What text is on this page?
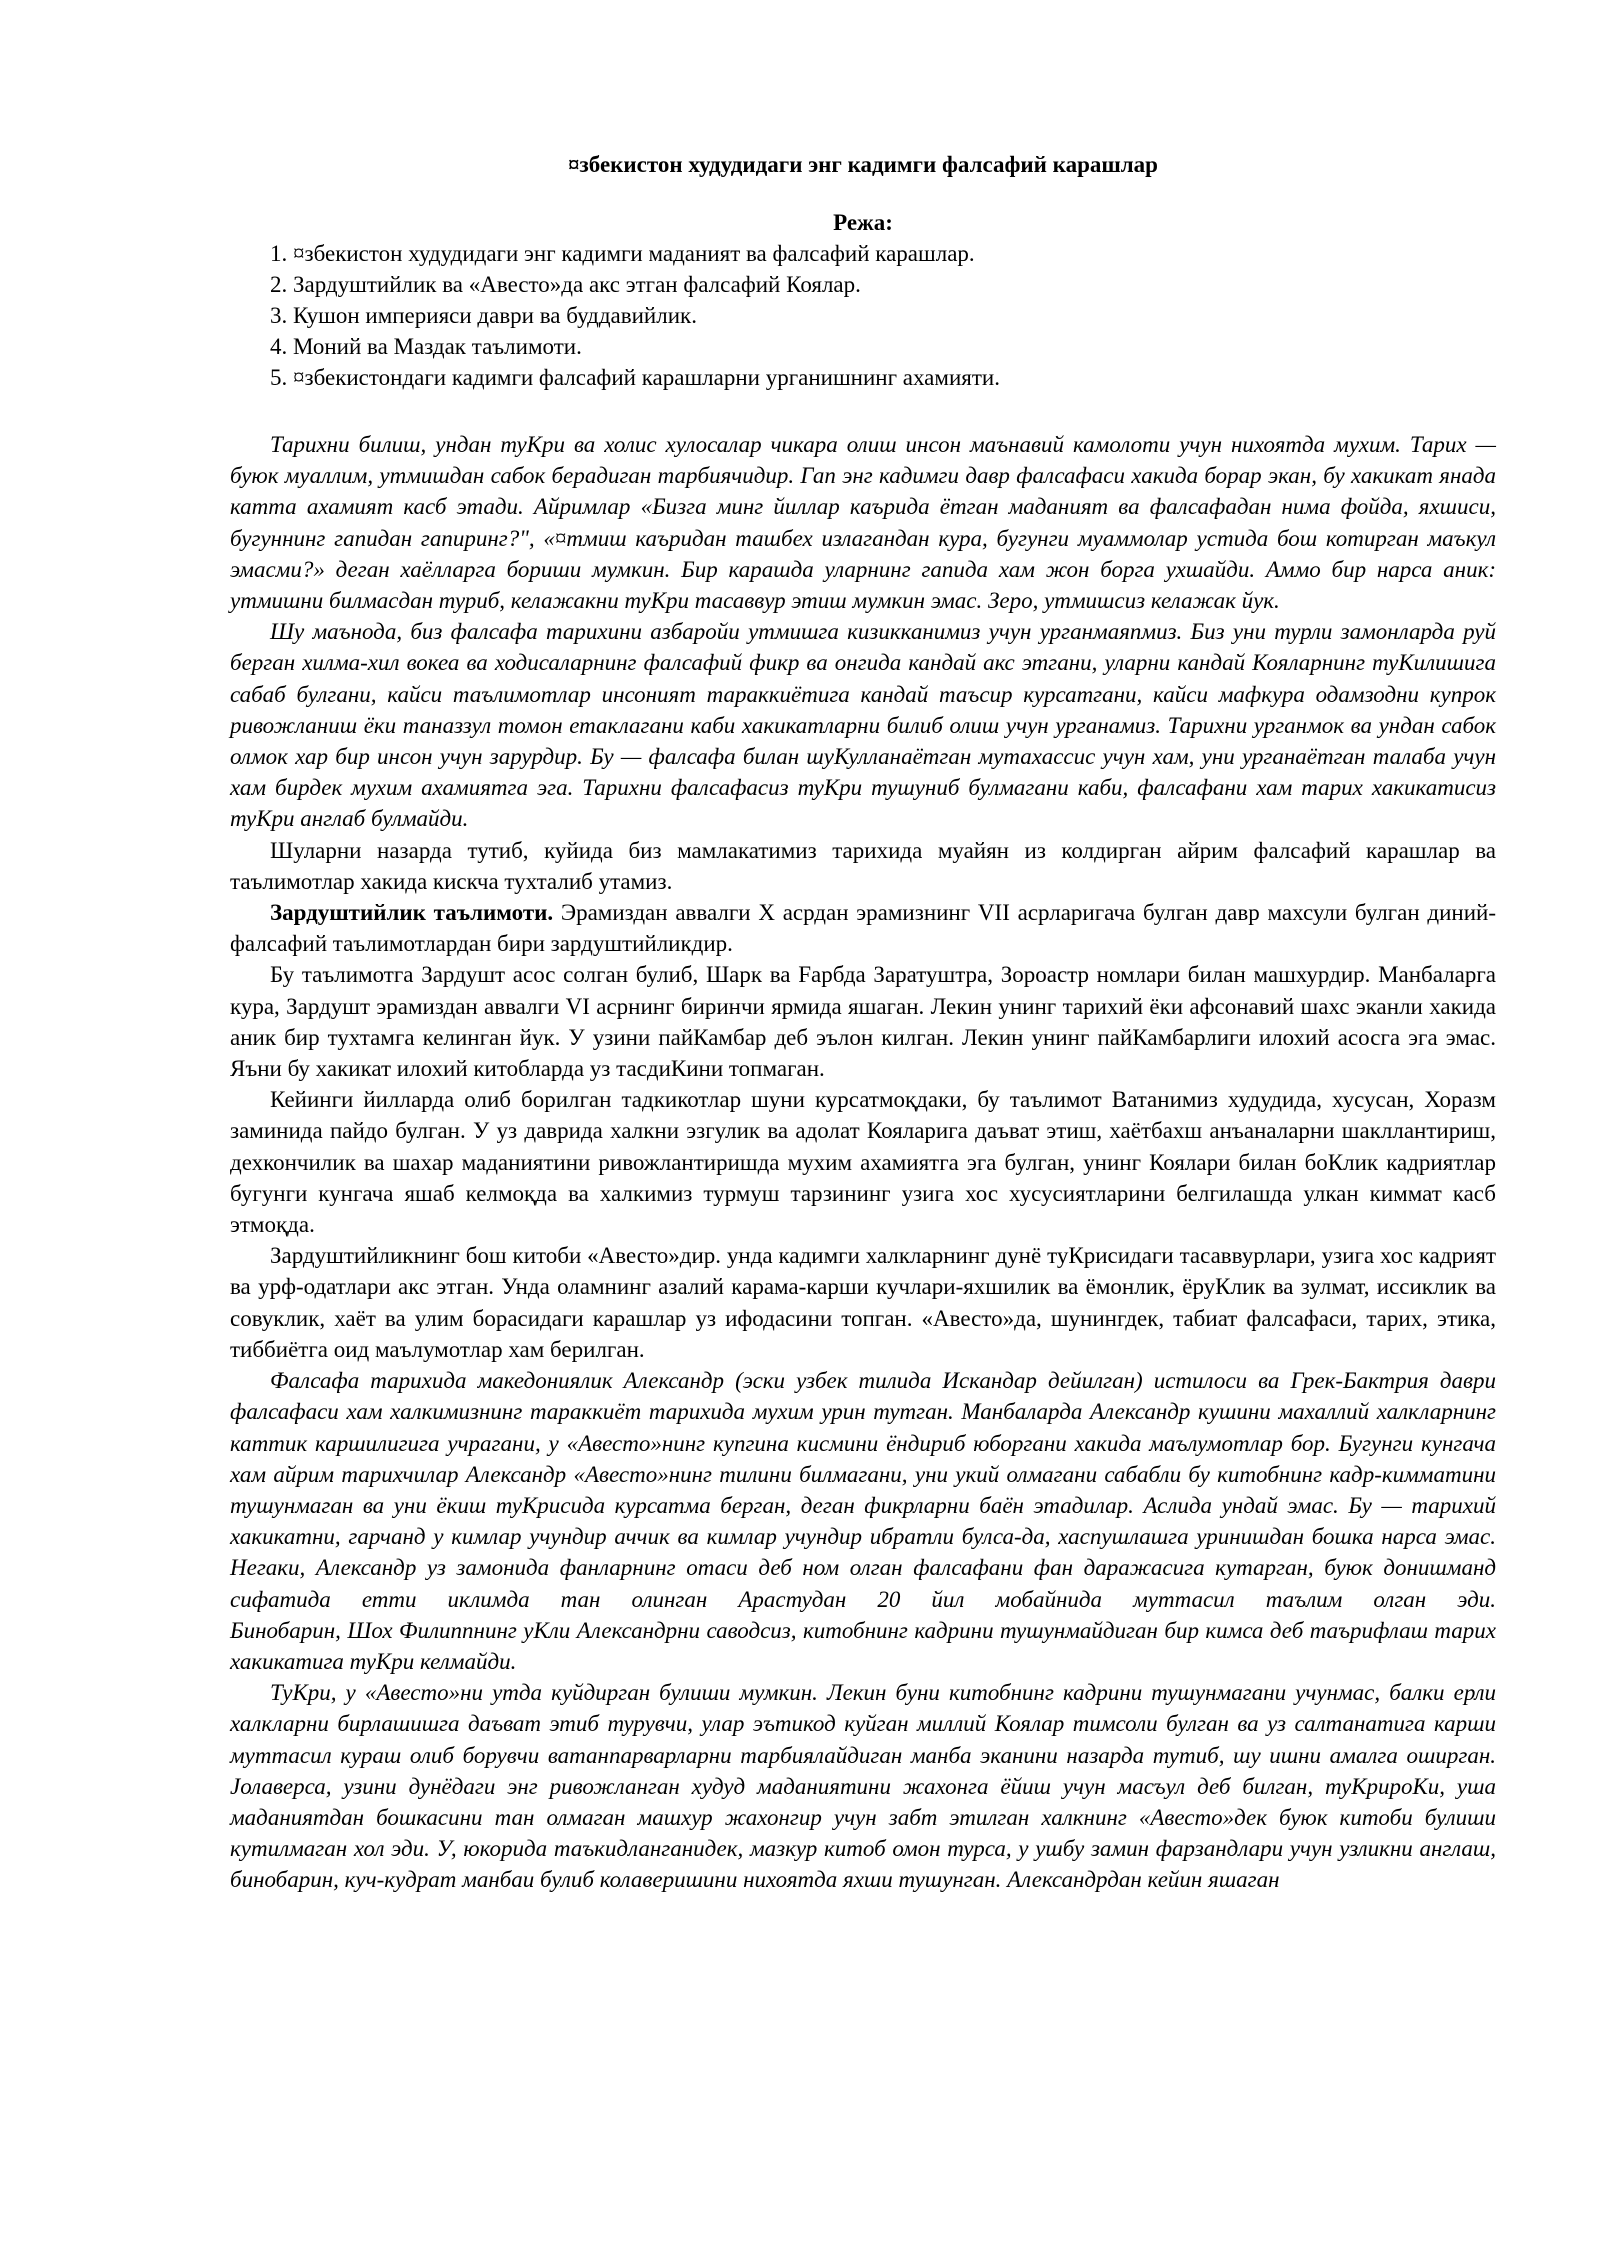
¤збекистон худудидаги энг кадимги фалсафий карашлар
Режа:
1. ¤збекистон худудидаги энг кадимги маданият ва фалсафий карашлар.
2. Зардуштийлик ва «Авесто»да акс этган фалсафий Коялар.
3. Кушон империяси даври ва буддавийлик.
4. Моний ва Маздак таълимоти.
5. ¤збекистондаги кадимги фалсафий карашларни урганишнинг ахамияти.

Тарихни билиш, ундан туКри ва холис хулосалар чикара олиш инсон маънавий камолоти учун нихоятда мухим. Тарих — буюк муаллим, утмишдан сабок берадиган тарбиячидир. Гап энг кадимги давр фалсафаси хакида борар экан, бу хакикат янада катта ахамият касб этади. Айримлар «Бизга минг йиллар каърида ётган маданият ва фалсафадан нима фойда, яхшиси, бугуннинг гапидан гапиринг?", «¤тмиш каъридан ташбех излагандан кура, бугунги муаммолар устида бош котирган маъкул эмасми?» деган хаёлларга бориши мумкин. Бир карашда уларнинг гапида хам жон борга ухшайди. Аммо бир нарса аник: утмишни билмасдан туриб, келажакни туКри тасаввур этиш мумкин эмас. Зеро, утмишсиз келажак йук.

Шу маънода, биз фалсафа тарихини азбаройи утмишга кизикканимиз учун урганмаяпмиз. Биз уни турли замонларда руй берган хилма-хил вокеа ва ходисаларнинг фалсафий фикр ва онгида кандай акс этгани, уларни кандай Кояларнинг туКилишига сабаб булгани, кайси таълимотлар инсоният тараккиётига кандай таъсир курсатгани, кайси мафкура одамзодни купрок ривожланиш ёки таназзул томон етаклагани каби хакикатларни билиб олиш учун урганамиз. Тарихни урганмок ва ундан сабок олмок хар бир инсон учун зарурдир. Бу — фалсафа билан шуКулланаётган мутахассис учун хам, уни урганаётган талаба учун хам бирдек мухим ахамиятга эга. Тарихни фалсафасиз туКри тушуниб булмагани каби, фалсафани хам тарих хакикатисиз туКри англаб булмайди.

Шуларни назарда тутиб, куйида биз мамлакатимиз тарихида муайян из колдирган айрим фалсафий карашлар ва таълимотлар хакида кискча тухталиб утамиз.

Зардуштийлик таълимоти. Эрамиздан аввалги X асрдан эрамизнинг VII асрларигача булган давр махсули булган диний-фалсафий таълимотлардан бири зардуштийликдир.

Бу таълимотга Зардушт асос солган булиб, Шарк ва Faрбда Заратуштра, Зороастр номлари билан машхурдир. Манбаларга кура, Зардушт эрамиздан аввалги VI асрнинг биринчи ярмида яшаган. Лекин унинг тарихий ёки афсонавий шахс эканли хакида аник бир тухтамга келинган йук. У узини пайКамбар деб эълон килган. Лекин унинг пайКамбарлиги илохий асосга эга эмас. Яъни бу хакикат илохий китобларда уз тасдиКини топмаган.

Кейинги йилларда олиб борилган тадкикотлар шуни курсатмоқдаки, бу таълимот Ватанимиз худудида, хусусан, Хоразм заминида пайдо булган. У уз даврида халкни эзгулик ва адолат Кояларига даъват этиш, хаётбахш анъаналарни шакллантириш, дехкончилик ва шахар маданиятини ривожлантиришда мухим ахамиятга эга булган, унинг Коялари билан боКлик кадриятлар бугунги кунгача яшаб келмоқда ва халкимиз турмуш тарзининг узига хос хусусиятларини белгилашда улкан киммат касб этмоқда.

Зардуштийликнинг бош китоби «Авесто»дир. унда кадимги халкларнинг дунё туКрисидаги тасаввурлари, узига хос кадрият ва урф-одатлари акс этган. Унда оламнинг азалий карама-карши кучлари-яхшилик ва ёмонлик, ёруКлик ва зулмат, иссиклик ва совуклик, хаёт ва улим борасидаги карашлар уз ифодасини топган. «Авесто»да, шунингдек, табиат фалсафаси, тарих, этика, тиббиётга оид маълумотлар хам берилган.

Фалсафа тарихида македониялик Александр (эски узбек тилида Искандар дейилган) истилоси ва Грек-Бактрия даври фалсафаси хам халкимизнинг тараккиёт тарихида мухим урин тутган. Манбаларда Александр кушини махаллий халкларнинг каттик каршилигига учрагани, у «Авесто»нинг купгина кисмини ёндириб юборгани хакида маълумотлар бор. Бугунги кунгача хам айрим тарихчилар Александр «Авесто»нинг тилини билмагани, уни укий олмагани сабабли бу китобнинг кадр-кимматини тушунмаган ва уни ёкиш туКрисида курсатма берган, деган фикрларни баён этадилар. Аслида ундай эмас. Бу — тарихий хакикатни, гарчанд у кимлар учундир аччик ва кимлар учундир ибратли булса-да, хаспушлашга уринишдан бошка нарса эмас. Негаки, Александр уз замонида фанларнинг отаси деб ном олган фалсафани фан даражасига кутарган, буюк донишманд сифатида етти иклимда тан олинган Арастудан 20 йил мобайнида муттасил таълим олган эди.

Бинобарин, Шох Филиппнинг уКли Александрни саводсиз, китобнинг кадрини тушунмайдиган бир кимса деб таърифлаш тарих хакикатига туКри келмайди.

ТуКри, у «Авесто»ни утда куйдирган булиши мумкин. Лекин буни китобнинг кадрини тушунмагани учунмас, балки ерли халкларни бирлашишга даъват этиб турувчи, улар эътикод куйган миллий Коялар тимсоли булган ва уз салтанатига карши муттасил кураш олиб борувчи ватанпарварларни тарбиялайдиган манба эканини назарда тутиб, шу ишни амалга оширган. Jолаверса, узини дунёдаги энг ривожланган худуд маданиятини жахонга ёйиш учун масъул деб билган, туКрироКи, уша маданиятдан бошкасини тан олмаган машхур жахонгир учун забт этилган халкнинг «Авесто»дек буюк китоби булиши кутилмаган хол эди. У, юкорида таъкидланганидек, мазкур китоб омон турса, у ушбу замин фарзандлари учун узликни англаш, бинобарин, куч-кудрат манбаи булиб колаверишини нихоятда яхши тушунган. Александрдан кейин яшаган
